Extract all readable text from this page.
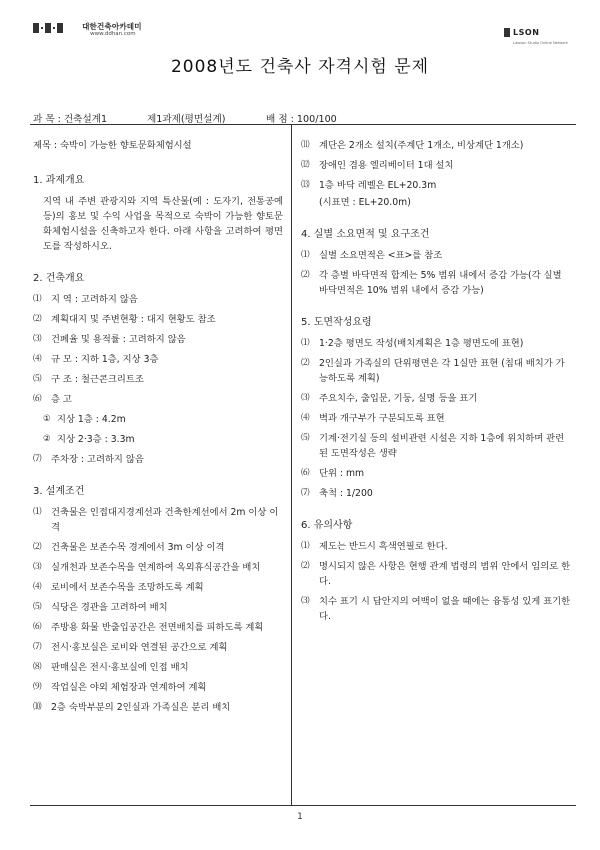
대한건축아카데미
www.ddhan.com	LSON
Lawson Studio Online Network
2008년도 건축사 자격시험 문제
과 목 : 건축설계1	제1과제(평면설계)	배 점 : 100/100
제목 : 숙박이 가능한 향토문화체험시설
1. 과제개요
지역 내 주변 관광지와 지역 특산물(예 : 도자기, 전통공예 등)의 홍보 및 수익 사업을 목적으로 숙박이 가능한 향토문화체험시설을 신축하고자 한다. 아래 사항을 고려하여 평면도를 작성하시오.
2. 건축개요
⑴	지 역 : 고려하지 않음
⑵	계획대지 및 주변현황 : 대지 현황도 참조
⑶	건폐율 및 용적률 : 고려하지 않음
⑷	규 모 : 지하 1층, 지상 3층
⑸	구 조 : 철근콘크리트조
⑹	층 고
① 지상 1층 : 4.2m
② 지상 2·3층 : 3.3m
⑺	주차장 : 고려하지 않음
3. 설계조건
⑴	건축물은 인접대지경계선과 건축한계선에서 2m 이상 이격
⑵	건축물은 보존수목 경계에서 3m 이상 이격
⑶	실개천과 보존수목을 연계하여 옥외휴식공간을 배치
⑷	로비에서 보존수목을 조망하도록 계획
⑸	식당은 경관을 고려하여 배치
⑹	주방용 화물 반출입공간은 전면배치를 피하도록 계획
⑺	전시·홍보실은 로비와 연결된 공간으로 계획
⑻	판매실은 전시·홍보실에 인접 배치
⑼	작업실은 야외 체험장과 연계하여 계획
⑽	2층 숙박부분의 2인실과 가족실은 분리 배치
⑾	계단은 2개소 설치(주계단 1개소, 비상계단 1개소)
⑿	장애인 겸용 엘리베이터 1대 설치
⒀	1층 바닥 레벨은 EL+20.3m
(시표면 : EL+20.0m)
4. 실별 소요면적 및 요구조건
⑴	실별 소요면적은 <표>를 참조
⑵	각 층별 바닥면적 합계는 5% 범위 내에서 증감 가능(각 실별 바닥면적은 10% 범위 내에서 증감 가능)
5. 도면작성요령
⑴	1·2층 평면도 작성(배치계획은 1층 평면도에 표현)
⑵	2인실과 가족실의 단위평면은 각 1실만 표현 (침대 배치가 가능하도록 계획)
⑶	주요치수, 출입문, 기둥, 실명 등을 표기
⑷	벽과 개구부가 구분되도록 표현
⑸	기계·전기실 등의 설비관련 시설은 지하 1층에 위치하며 관련된 도면작성은 생략
⑹	단위 : mm
⑺	축척 : 1/200
6. 유의사항
⑴	제도는 반드시 흑색연필로 한다.
⑵	명시되지 않은 사항은 현행 관계 법령의 범위 안에서 임의로 한다.
⑶	치수 표기 시 답안지의 여백이 없을 때에는 융통성 있게 표기한다.
1
